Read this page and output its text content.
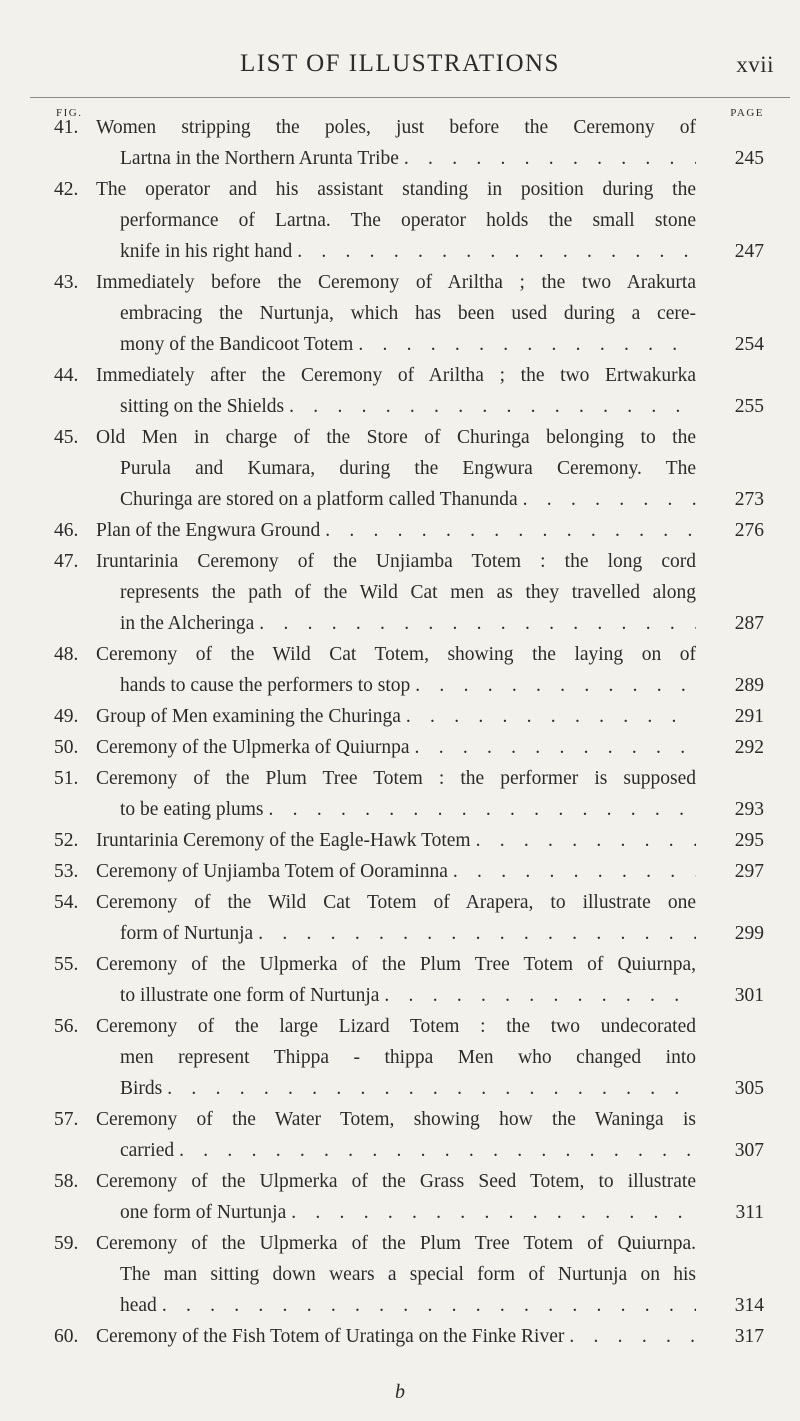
LIST OF ILLUSTRATIONS	xvii
FIG.	PAGE
41. Women stripping the poles, just before the Ceremony of
Lartna in the Northern Arunta Tribe . . .	245
42. The operator and his assistant standing in position during the
performance of Lartna. The operator holds the small stone
knife in his right hand . . .	247
43. Immediately before the Ceremony of Ariltha ; the two Arakurta
embracing the Nurtunja, which has been used during a cere-
mony of the Bandicoot Totem . . .	254
44. Immediately after the Ceremony of Ariltha ; the two Ertwakurka
sitting on the Shields . . .	255
45. Old Men in charge of the Store of Churinga belonging to the
Purula and Kumara, during the Engwura Ceremony. The
Churinga are stored on a platform called Thanunda . . .	273
46. Plan of the Engwura Ground . . .	276
47. Iruntarinia Ceremony of the Unjiamba Totem : the long cord
represents the path of the Wild Cat men as they travelled along
in the Alcheringa . . .	287
48. Ceremony of the Wild Cat Totem, showing the laying on of
hands to cause the performers to stop . . .	289
49. Group of Men examining the Churinga . . .	291
50. Ceremony of the Ulpmerka of Quiurnpa . . .	292
51. Ceremony of the Plum Tree Totem : the performer is supposed
to be eating plums . . .	293
52. Iruntarinia Ceremony of the Eagle-Hawk Totem . . .	295
53. Ceremony of Unjiamba Totem of Ooraminna . . .	297
54. Ceremony of the Wild Cat Totem of Arapera, to illustrate one
form of Nurtunja . . .	299
55. Ceremony of the Ulpmerka of the Plum Tree Totem of Quiurnpa,
to illustrate one form of Nurtunja . . .	301
56. Ceremony of the large Lizard Totem : the two undecorated
men represent Thippa - thippa Men who changed into
Birds . . .	305
57. Ceremony of the Water Totem, showing how the Waninga is
carried . . .	307
58. Ceremony of the Ulpmerka of the Grass Seed Totem, to illustrate
one form of Nurtunja . . .	311
59. Ceremony of the Ulpmerka of the Plum Tree Totem of Quiurnpa.
The man sitting down wears a special form of Nurtunja on his
head . . .	314
60. Ceremony of the Fish Totem of Uratinga on the Finke River . . .	317
b
